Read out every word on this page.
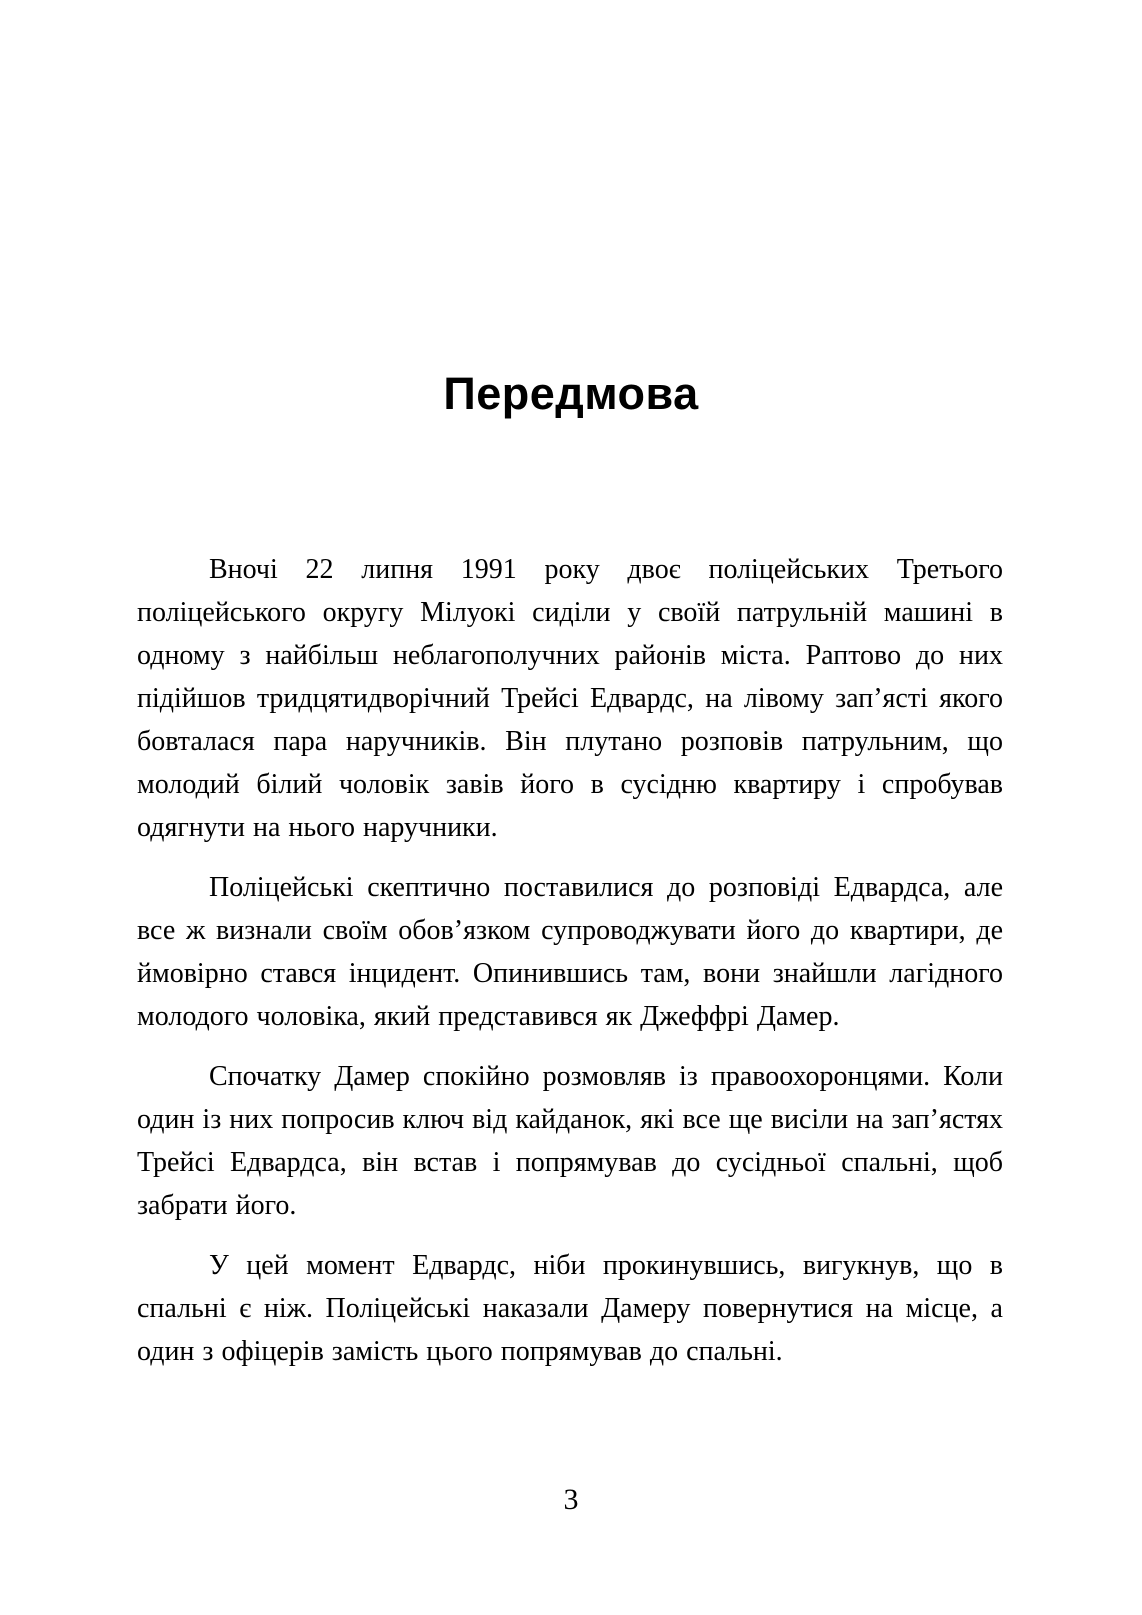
Передмова

Вночі 22 липня 1991 року двоє поліцейських Третього поліцейського округу Мілуокі сиділи у своїй патрульній машині в одному з найбільш неблагополучних районів міста. Раптово до них підійшов тридцятидворічний Трейсі Едвардс, на лівому зап’ясті якого бовталася пара наручників. Він плутано розповів патрульним, що молодий білий чоловік завів його в сусідню квартиру і спробував одягнути на нього наручники.

Поліцейські скептично поставилися до розповіді Едвардса, але все ж визнали своїм обов’язком супроводжувати його до квартири, де ймовірно стався інцидент. Опинившись там, вони знайшли лагідного молодого чоловіка, який представився як Джеффрі Дамер.

Спочатку Дамер спокійно розмовляв із правоохоронцями. Коли один із них попросив ключ від кайданок, які все ще висіли на зап’ястях Трейсі Едвардса, він встав і попрямував до сусідньої спальні, щоб забрати його.

У цей момент Едвардс, ніби прокинувшись, вигукнув, що в спальні є ніж. Поліцейські наказали Дамеру повернутися на місце, а один з офіцерів замість цього попрямував до спальні.

3
